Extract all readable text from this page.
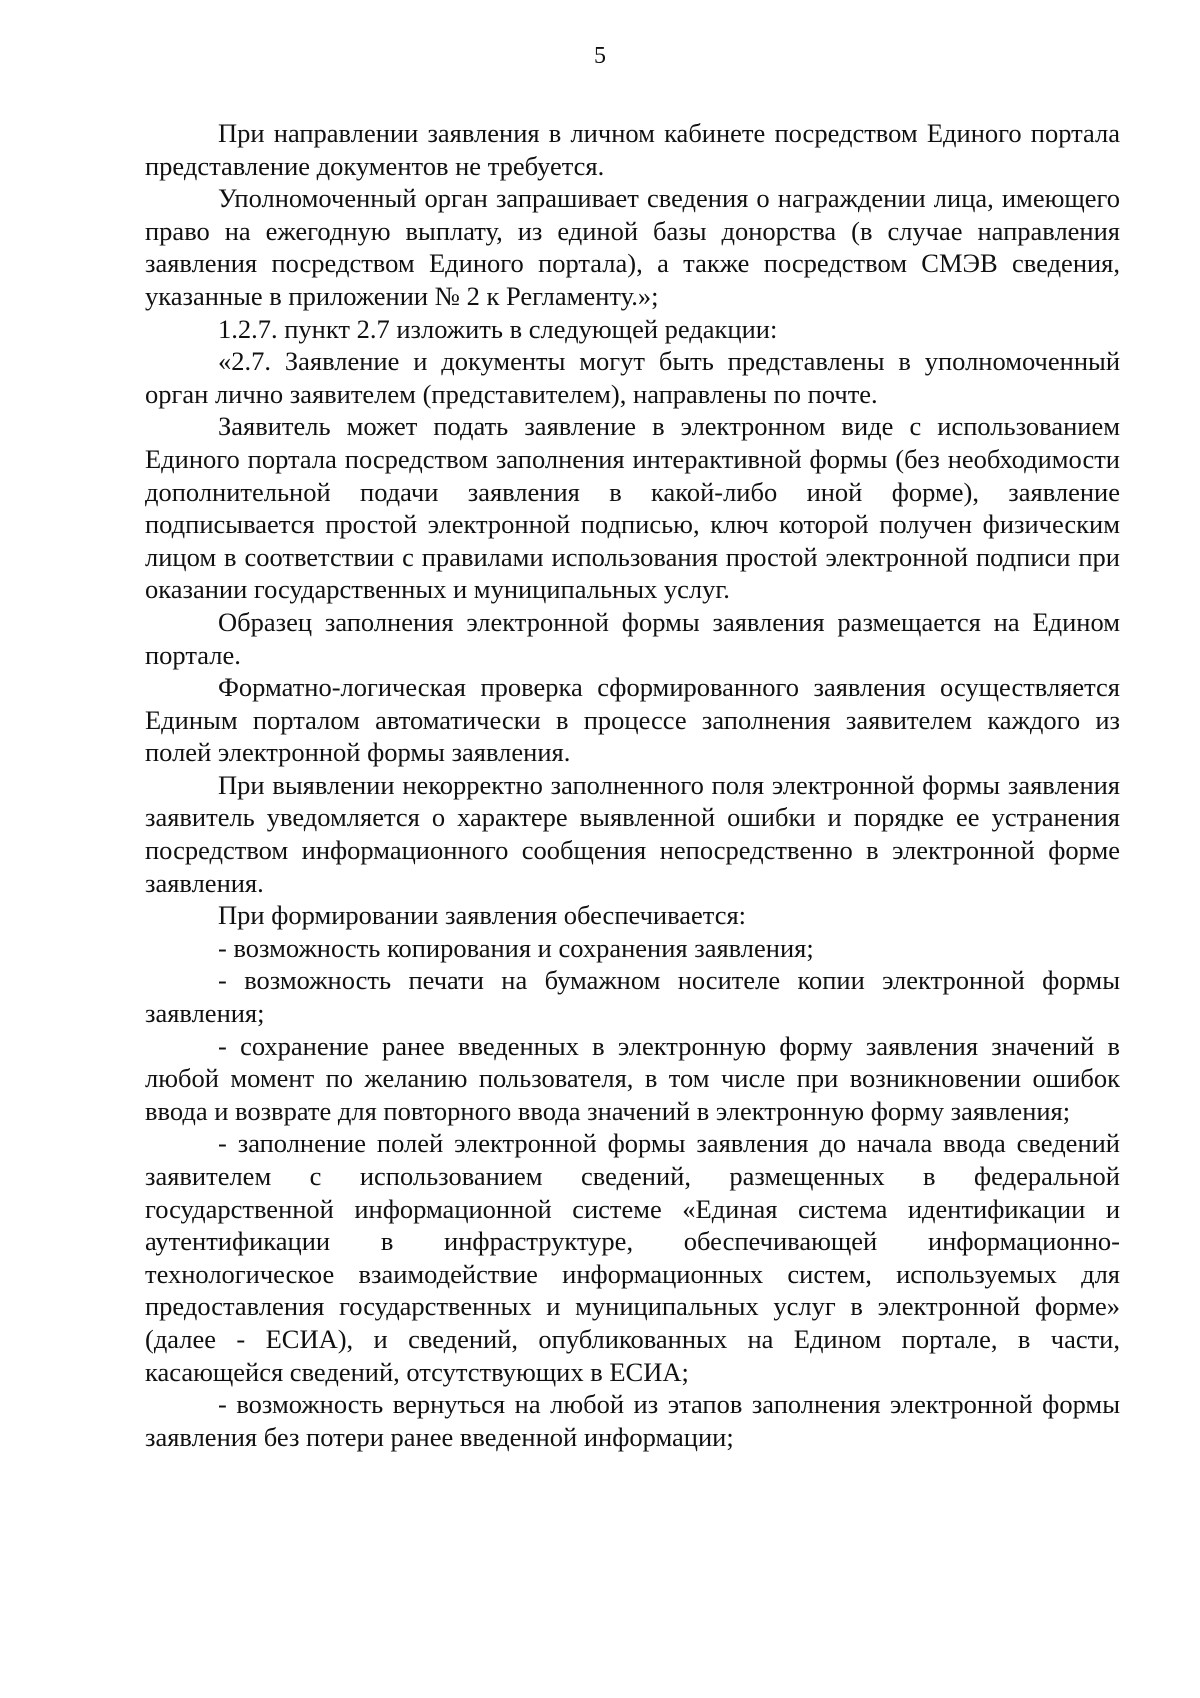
5

При направлении заявления в личном кабинете посредством Единого портала представление документов не требуется.

Уполномоченный орган запрашивает сведения о награждении лица, имеющего право на ежегодную выплату, из единой базы донорства (в случае направления заявления посредством Единого портала), а также посредством СМЭВ сведения, указанные в приложении № 2 к Регламенту.»;

1.2.7. пункт 2.7 изложить в следующей редакции:

«2.7. Заявление и документы могут быть представлены в уполномоченный орган лично заявителем (представителем), направлены по почте.

Заявитель может подать заявление в электронном виде с использованием Единого портала посредством заполнения интерактивной формы (без необходимости дополнительной подачи заявления в какой-либо иной форме), заявление подписывается простой электронной подписью, ключ которой получен физическим лицом в соответствии с правилами использования простой электронной подписи при оказании государственных и муниципальных услуг.

Образец заполнения электронной формы заявления размещается на Едином портале.

Форматно-логическая проверка сформированного заявления осуществляется Единым порталом автоматически в процессе заполнения заявителем каждого из полей электронной формы заявления.

При выявлении некорректно заполненного поля электронной формы заявления заявитель уведомляется о характере выявленной ошибки и порядке ее устранения посредством информационного сообщения непосредственно в электронной форме заявления.

При формировании заявления обеспечивается:

- возможность копирования и сохранения заявления;

- возможность печати на бумажном носителе копии электронной формы заявления;

- сохранение ранее введенных в электронную форму заявления значений в любой момент по желанию пользователя, в том числе при возникновении ошибок ввода и возврате для повторного ввода значений в электронную форму заявления;

- заполнение полей электронной формы заявления до начала ввода сведений заявителем с использованием сведений, размещенных в федеральной государственной информационной системе «Единая система идентификации и аутентификации в инфраструктуре, обеспечивающей информационно-технологическое взаимодействие информационных систем, используемых для предоставления государственных и муниципальных услуг в электронной форме» (далее - ЕСИА), и сведений, опубликованных на Едином портале, в части, касающейся сведений, отсутствующих в ЕСИА;

- возможность вернуться на любой из этапов заполнения электронной формы заявления без потери ранее введенной информации;
